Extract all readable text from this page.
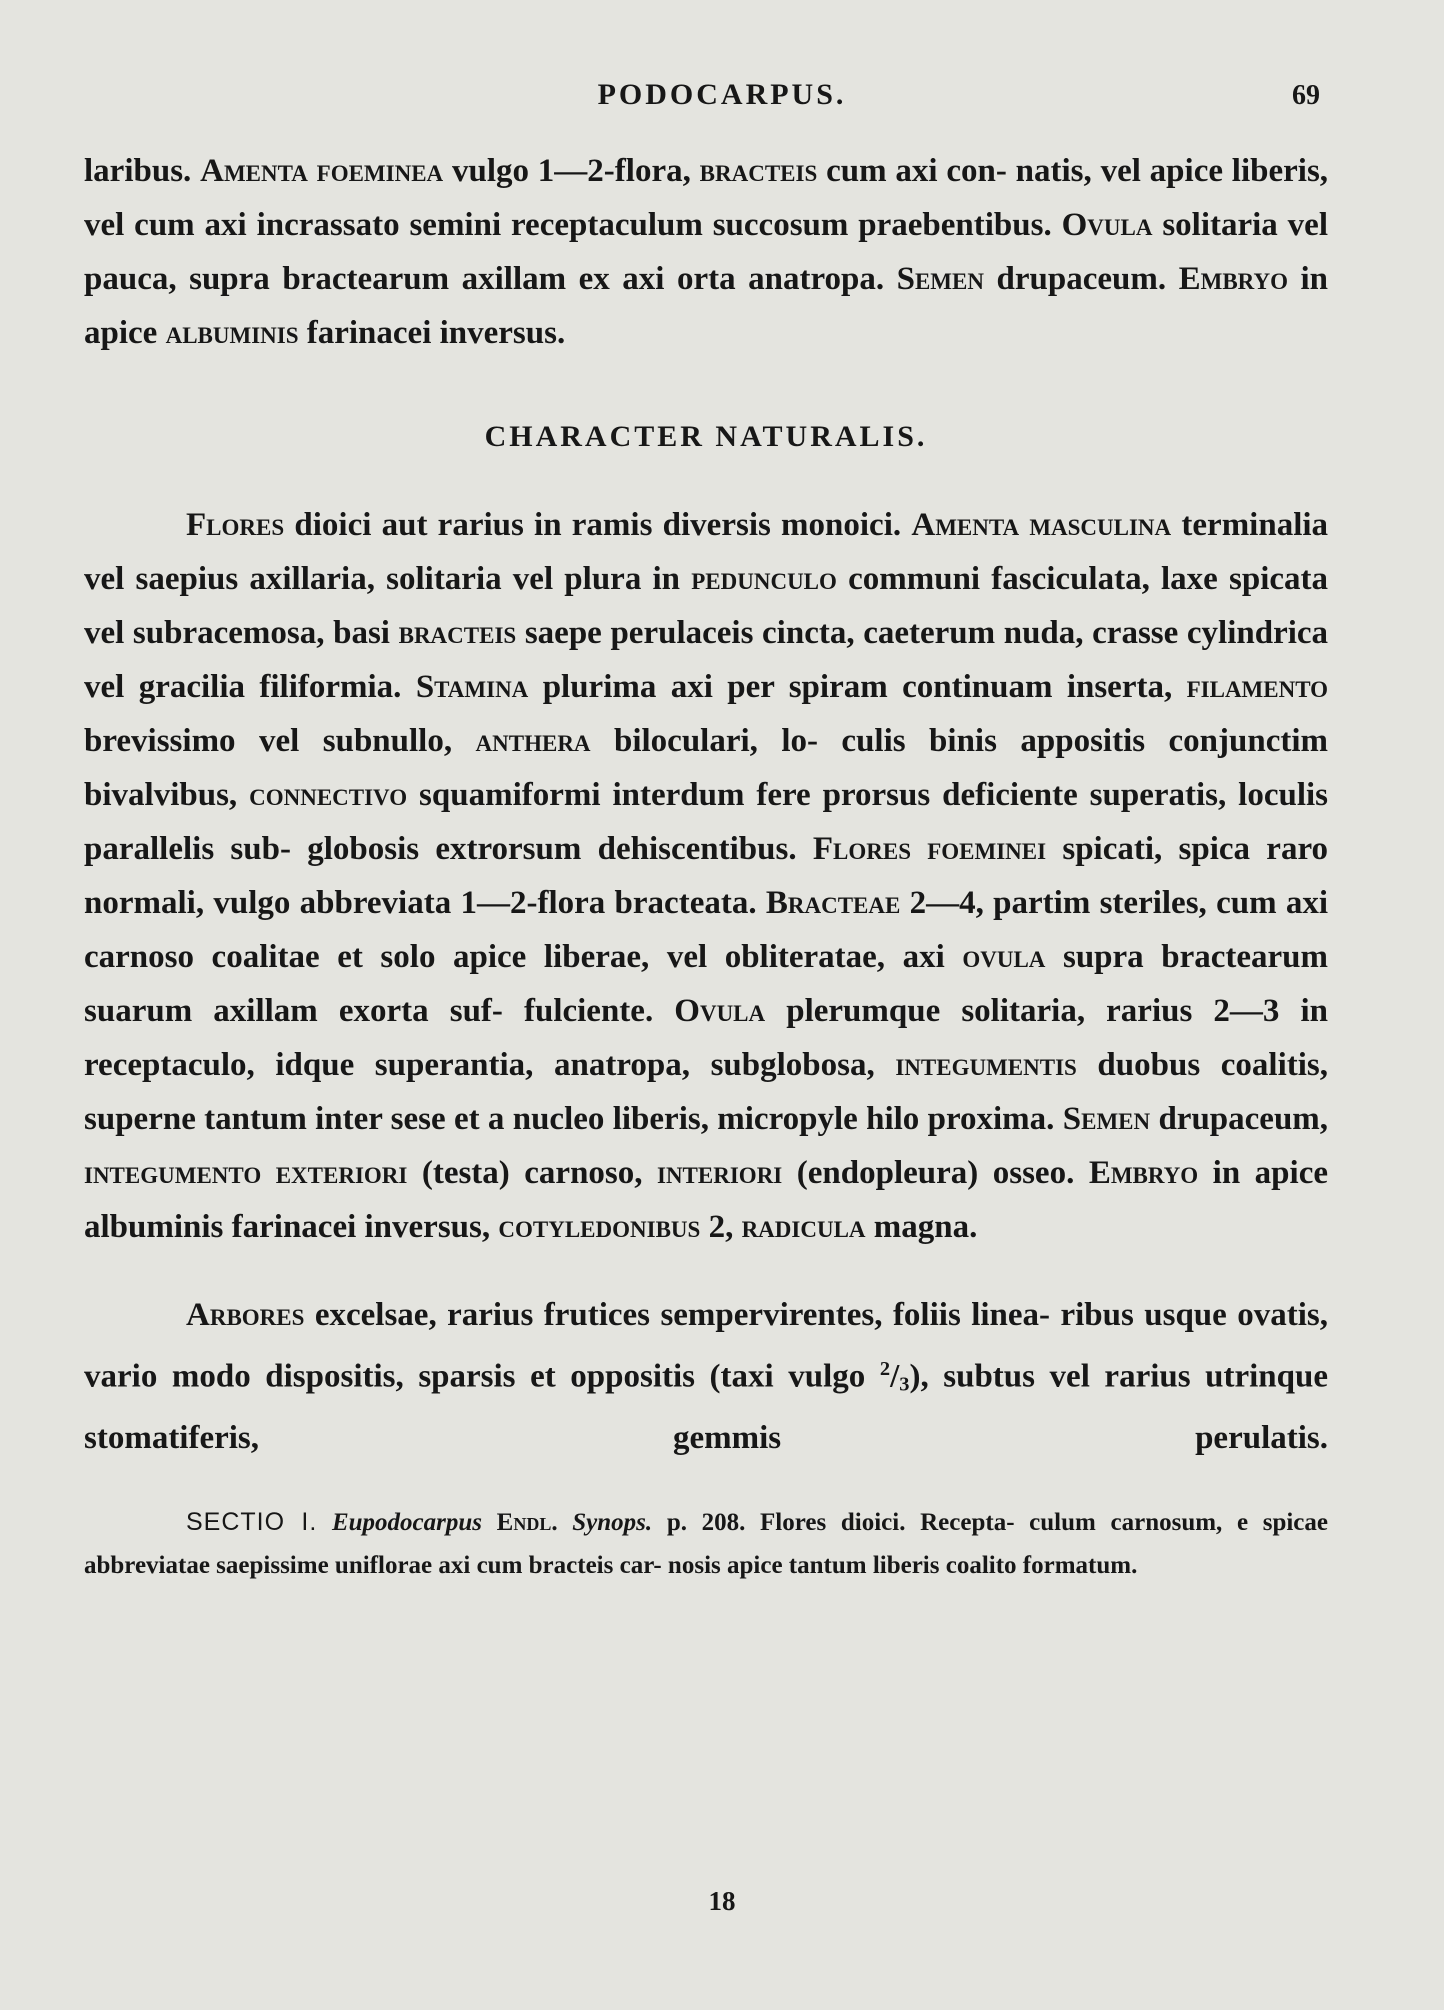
PODOCARPUS.	69

laribus. Amenta foeminea vulgo 1—2-flora, bracteis cum axi con- natis, vel apice liberis, vel cum axi incrassato semini receptaculum succosum praebentibus. Ovula solitaria vel pauca, supra bractearum axillam ex axi orta anatropa. Semen drupaceum. Embryo in apice albuminis farinacei inversus.

CHARACTER NATURALIS.

Flores dioici aut rarius in ramis diversis monoici. Amenta masculina terminalia vel saepius axillaria, solitaria vel plura in pedunculo communi fasciculata, laxe spicata vel subracemosa, basi bracteis saepe perulaceis cincta, caeterum nuda, crasse cylindrica vel gracilia filiformia. Stamina plurima axi per spiram continuam inserta, filamento brevissimo vel subnullo, anthera biloculari, lo- culis binis appositis conjunctim bivalvibus, connectivo squamiformi interdum fere prorsus deficiente superatis, loculis parallelis sub- globosis extrorsum dehiscentibus. Flores foeminei spicati, spica raro normali, vulgo abbreviata 1—2-flora bracteata. Bracteae 2—4, partim steriles, cum axi carnoso coalitae et solo apice liberae, vel obliteratae, axi ovula supra bractearum suarum axillam exorta suf- fulciente. Ovula plerumque solitaria, rarius 2—3 in receptaculo, idque superantia, anatropa, subglobosa, integumentis duobus coalitis, superne tantum inter sese et a nucleo liberis, micropyle hilo proxima. Semen drupaceum, integumento exteriori (testa) carnoso, interiori (endopleura) osseo. Embryo in apice albuminis farinacei inversus, cotyledonibus 2, radicula magna.

Arbores excelsae, rarius frutices sempervirentes, foliis linea- ribus usque ovatis, vario modo dispositis, sparsis et oppositis (taxi vulgo $^2$/3), subtus vel rarius utrinque stomatiferis, gemmis perulatis.

SECTIO I. Eupodocarpus Endl. Synops. p. 208. Flores dioici. Recepta- culum carnosum, e spicae abbreviatae saepissime uniflorae axi cum bracteis car- nosis apice tantum liberis coalito formatum.

18
